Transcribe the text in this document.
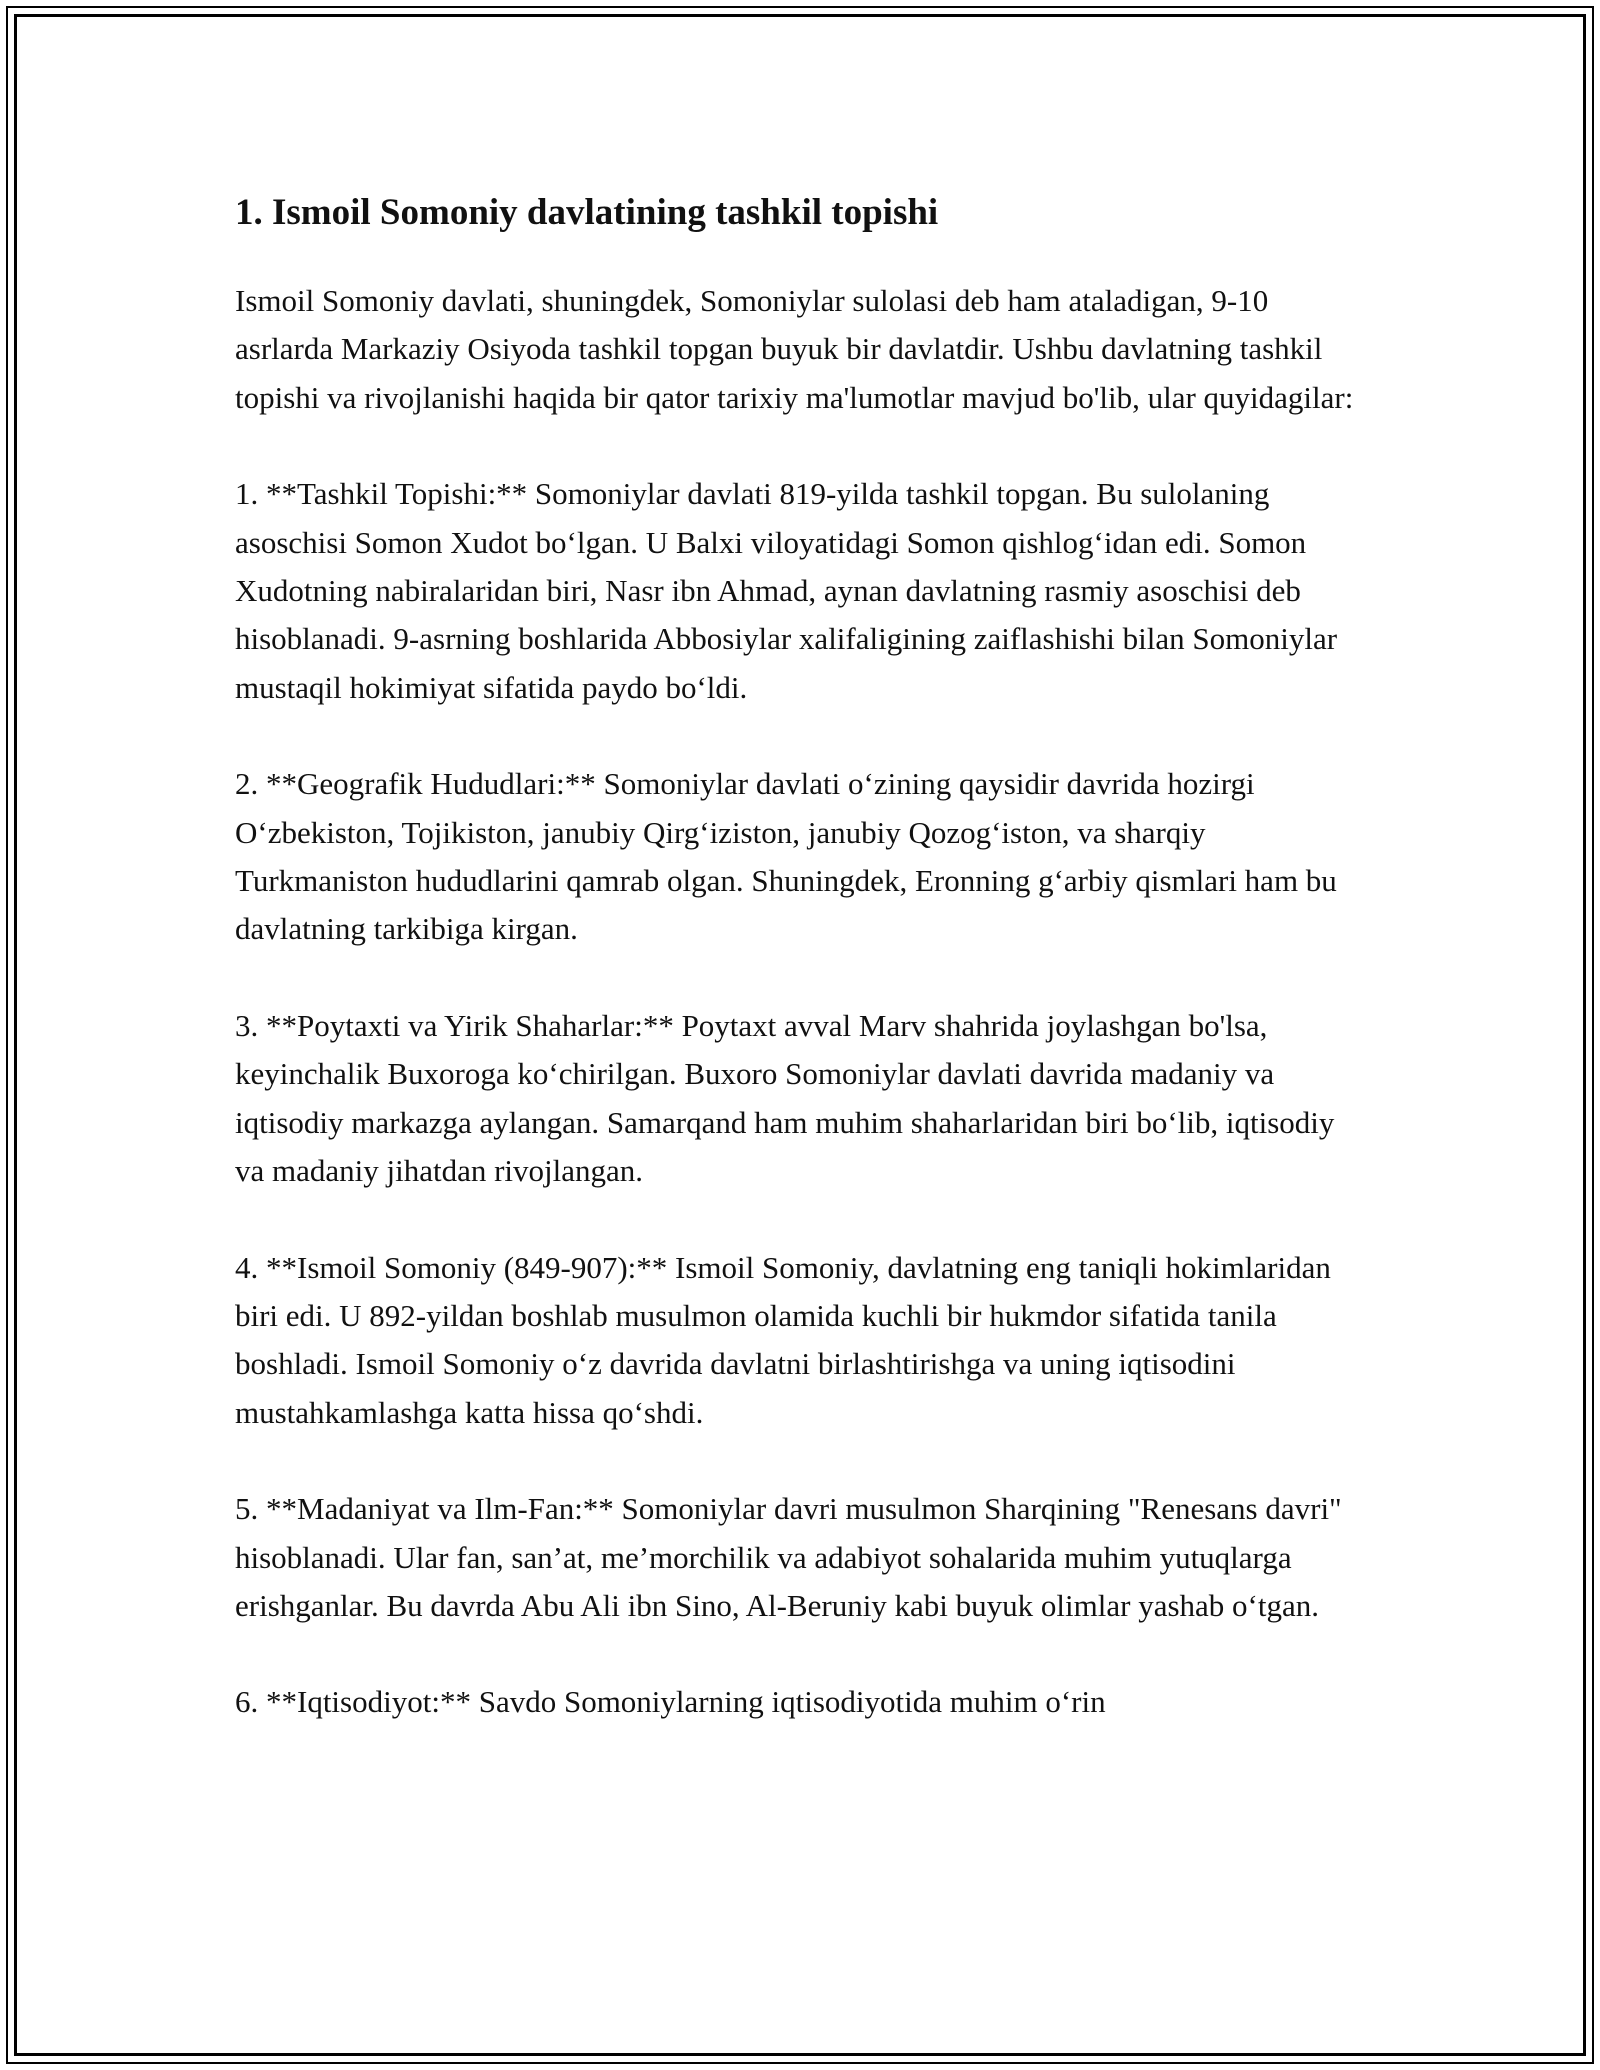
1. Ismoil Somoniy davlatining tashkil topishi

Ismoil Somoniy davlati, shuningdek, Somoniylar sulolasi deb ham ataladigan, 9-10 asrlarda Markaziy Osiyoda tashkil topgan buyuk bir davlatdir. Ushbu davlatning tashkil topishi va rivojlanishi haqida bir qator tarixiy ma'lumotlar mavjud bo'lib, ular quyidagilar:

1. **Tashkil Topishi:** Somoniylar davlati 819-yilda tashkil topgan. Bu sulolaning asoschisi Somon Xudot bo‘lgan. U Balxi viloyatidagi Somon qishlog‘idan edi. Somon Xudotning nabiralaridan biri, Nasr ibn Ahmad, aynan davlatning rasmiy asoschisi deb hisoblanadi. 9-asrning boshlarida Abbosiylar xalifaligining zaiflashishi bilan Somoniylar mustaqil hokimiyat sifatida paydo bo‘ldi.

2. **Geografik Hududlari:** Somoniylar davlati o‘zining qaysidir davrida hozirgi O‘zbekiston, Tojikiston, janubiy Qirg‘iziston, janubiy Qozog‘iston, va sharqiy Turkmaniston hududlarini qamrab olgan. Shuningdek, Eronning g‘arbiy qismlari ham bu davlatning tarkibiga kirgan.

3. **Poytaxti va Yirik Shaharlar:** Poytaxt avval Marv shahrida joylashgan bo'lsa, keyinchalik Buxoroga ko‘chirilgan. Buxoro Somoniylar davlati davrida madaniy va iqtisodiy markazga aylangan. Samarqand ham muhim shaharlaridan biri bo‘lib, iqtisodiy va madaniy jihatdan rivojlangan.

4. **Ismoil Somoniy (849-907):** Ismoil Somoniy, davlatning eng taniqli hokimlaridan biri edi. U 892-yildan boshlab musulmon olamida kuchli bir hukmdor sifatida tanila boshladi. Ismoil Somoniy o‘z davrida davlatni birlashtirishga va uning iqtisodini mustahkamlashga katta hissa qo‘shdi.

5. **Madaniyat va Ilm-Fan:** Somoniylar davri musulmon Sharqining "Renesans davri" hisoblanadi. Ular fan, san’at, me’morchilik va adabiyot sohalarida muhim yutuqlarga erishganlar. Bu davrda Abu Ali ibn Sino, Al-Beruniy kabi buyuk olimlar yashab o‘tgan.

6. **Iqtisodiyot:** Savdo Somoniylarning iqtisodiyotida muhim o‘rin
